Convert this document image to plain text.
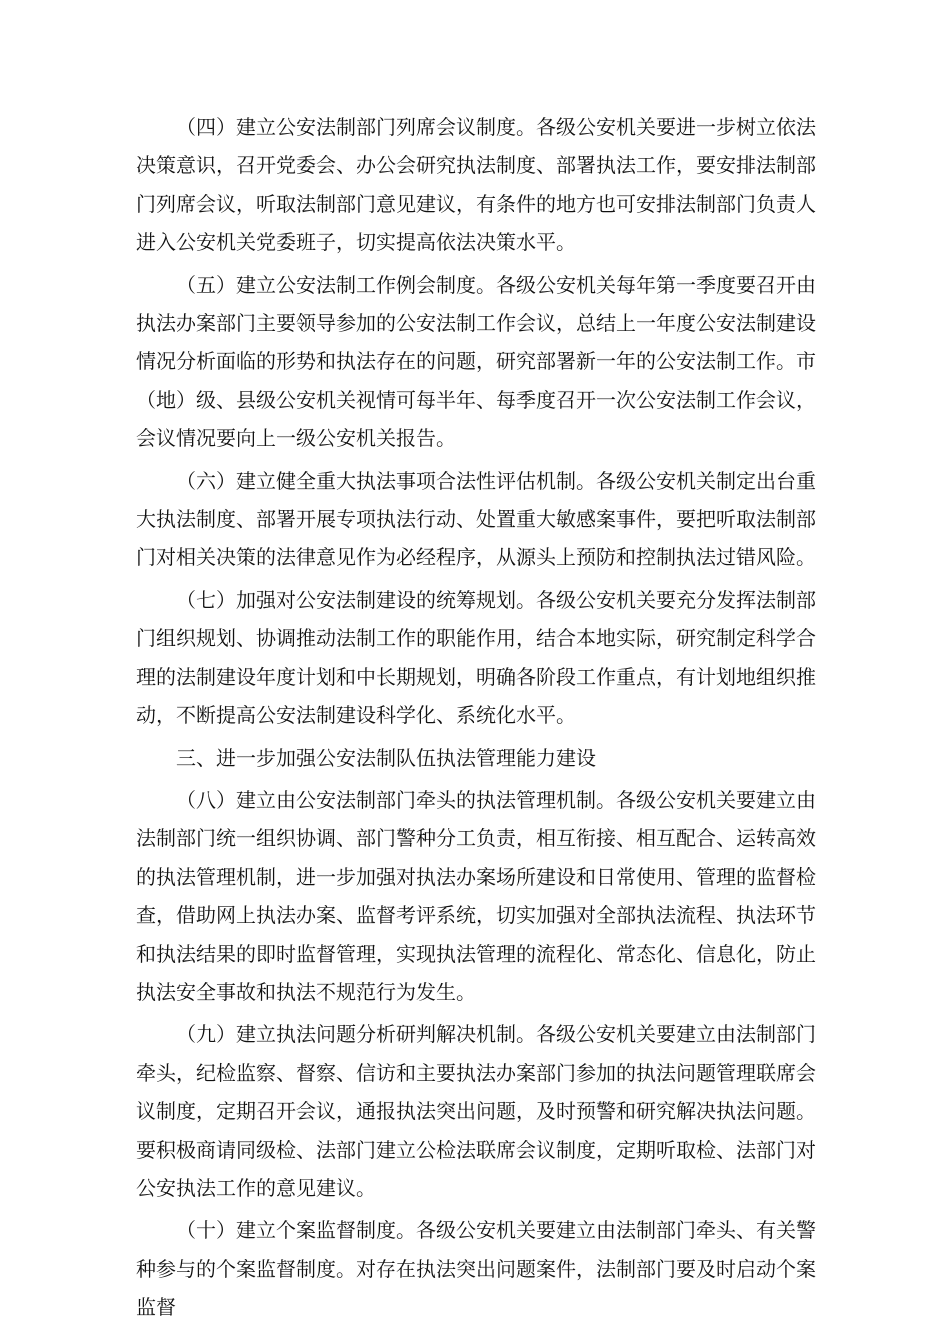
（四）建立公安法制部门列席会议制度。各级公安机关要进一步树立依法决策意识，召开党委会、办公会研究执法制度、部署执法工作，要安排法制部门列席会议，听取法制部门意见建议，有条件的地方也可安排法制部门负责人进入公安机关党委班子，切实提高依法决策水平。

（五）建立公安法制工作例会制度。各级公安机关每年第一季度要召开由执法办案部门主要领导参加的公安法制工作会议，总结上一年度公安法制建设情况分析面临的形势和执法存在的问题，研究部署新一年的公安法制工作。市（地）级、县级公安机关视情可每半年、每季度召开一次公安法制工作会议，会议情况要向上一级公安机关报告。

（六）建立健全重大执法事项合法性评估机制。各级公安机关制定出台重大执法制度、部署开展专项执法行动、处置重大敏感案事件，要把听取法制部门对相关决策的法律意见作为必经程序，从源头上预防和控制执法过错风险。

（七）加强对公安法制建设的统筹规划。各级公安机关要充分发挥法制部门组织规划、协调推动法制工作的职能作用，结合本地实际，研究制定科学合理的法制建设年度计划和中长期规划，明确各阶段工作重点，有计划地组织推动，不断提高公安法制建设科学化、系统化水平。

三、进一步加强公安法制队伍执法管理能力建设

（八）建立由公安法制部门牵头的执法管理机制。各级公安机关要建立由法制部门统一组织协调、部门警种分工负责，相互衔接、相互配合、运转高效的执法管理机制，进一步加强对执法办案场所建设和日常使用、管理的监督检查，借助网上执法办案、监督考评系统，切实加强对全部执法流程、执法环节和执法结果的即时监督管理，实现执法管理的流程化、常态化、信息化，防止执法安全事故和执法不规范行为发生。

（九）建立执法问题分析研判解决机制。各级公安机关要建立由法制部门牵头，纪检监察、督察、信访和主要执法办案部门参加的执法问题管理联席会议制度，定期召开会议，通报执法突出问题，及时预警和研究解决执法问题。要积极商请同级检、法部门建立公检法联席会议制度，定期听取检、法部门对公安执法工作的意见建议。

（十）建立个案监督制度。各级公安机关要建立由法制部门牵头、有关警种参与的个案监督制度。对存在执法突出问题案件，法制部门要及时启动个案监督
